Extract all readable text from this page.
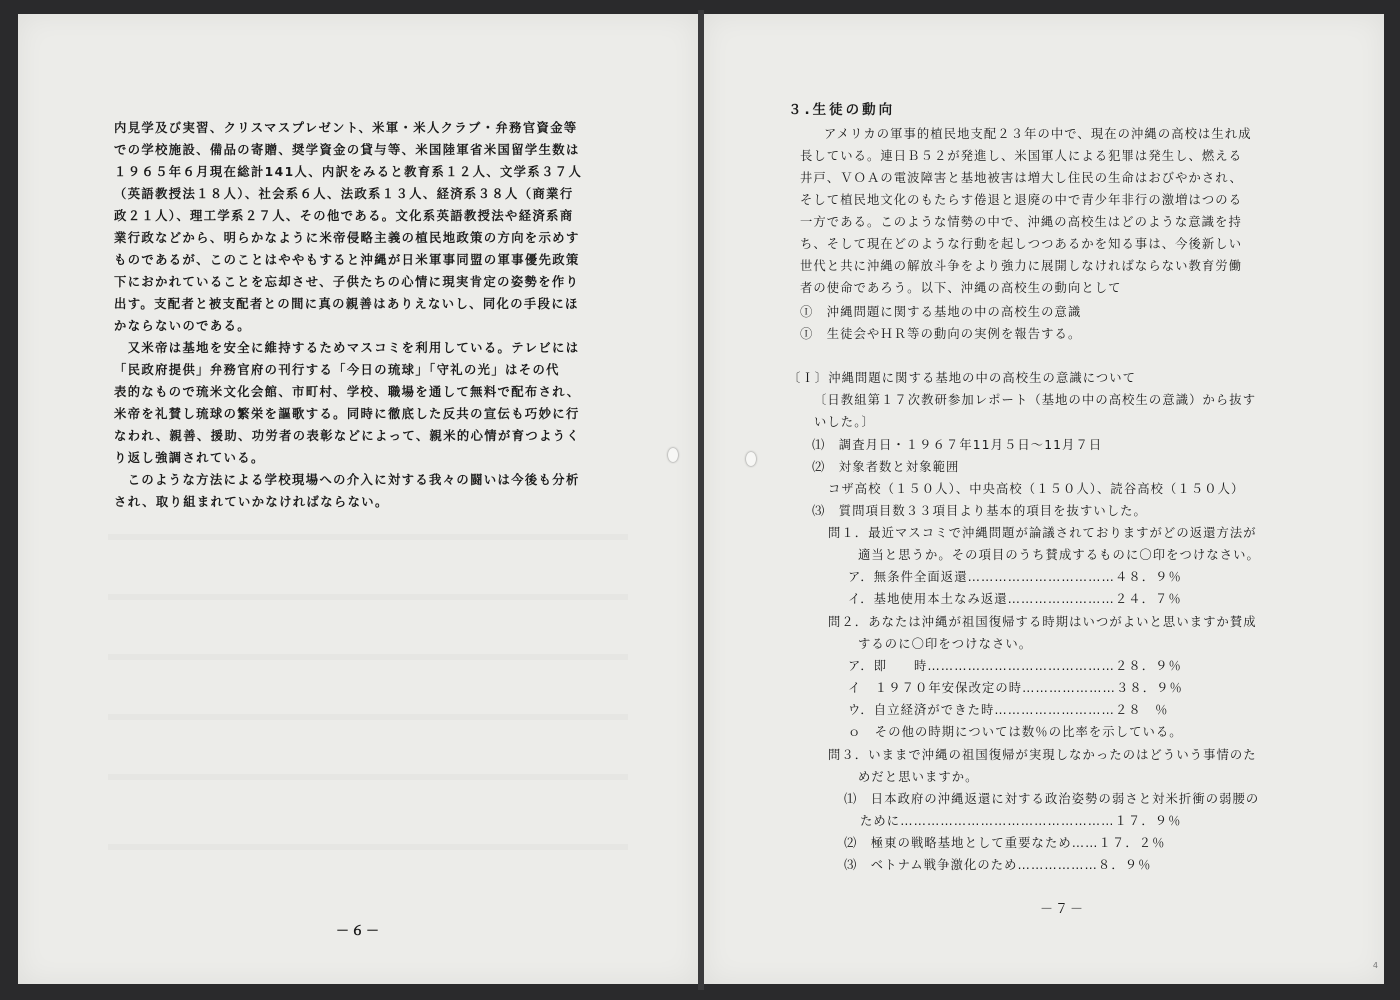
内見学及び実習、クリスマスプレゼント、米軍・米人クラブ・弁務官資金等
での学校施設、備品の寄贈、奨学資金の貸与等、米国陸軍省米国留学生数は
１９６５年６月現在総計141人、内訳をみると教育系１２人、文学系３７人
（英語教授法１８人）、社会系６人、法政系１３人、経済系３８人（商業行
政２１人）、理工学系２７人、その他である。文化系英語教授法や経済系商
業行政などから、明らかなように米帝侵略主義の植民地政策の方向を示めす
ものであるが、このことはややもすると沖縄が日米軍事同盟の軍事優先政策
下におかれていることを忘却させ、子供たちの心情に現実肯定の姿勢を作り
出す。支配者と被支配者との間に真の親善はありえないし、同化の手段にほ
かならないのである。
　又米帝は基地を安全に維持するためマスコミを利用している。テレビには
「民政府提供」弁務官府の刊行する「今日の琉球」「守礼の光」はその代
表的なもので琉米文化会館、市町村、学校、職場を通して無料で配布され、
米帝を礼賛し琉球の繁栄を謳歌する。同時に徹底した反共の宣伝も巧妙に行
なわれ、親善、援助、功労者の表彰などによって、親米的心情が育つようく
り返し強調されている。
　このような方法による学校現場への介入に対する我々の闘いは今後も分析
され、取り組まれていかなければならない。
－６－
３.生徒の動向
アメリカの軍事的植民地支配２３年の中で、現在の沖縄の高校は生れ成
長している。連日Ｂ５２が発進し、米国軍人による犯罪は発生し、燃える
井戸、ＶＯＡの電波障害と基地被害は増大し住民の生命はおびやかされ、
そして植民地文化のもたらす倦退と退廃の中で青少年非行の激増はつのる
一方である。このような情勢の中で、沖縄の高校生はどのような意識を持
ち、そして現在どのような行動を起しつつあるかを知る事は、今後新しい
世代と共に沖縄の解放斗争をより強力に展開しなければならない教育労働
者の使命であろう。以下、沖縄の高校生の動向として
Ⓘ　沖縄問題に関する基地の中の高校生の意識
Ⓘ　生徒会やＨＲ等の動向の実例を報告する。
〔Ｉ〕沖縄問題に関する基地の中の高校生の意識について
〔日教組第１７次教研参加レポート（基地の中の高校生の意識）から抜す
いした。〕
⑴　調査月日・１９６７年11月５日～11月７日
⑵　対象者数と対象範囲
コザ高校（１５０人）、中央高校（１５０人）、読谷高校（１５０人）
⑶　質問項目数３３項目より基本的項目を抜すいした。
問１．最近マスコミで沖縄問題が論議されておりますがどの返還方法が
適当と思うか。その項目のうち賛成するものに〇印をつけなさい。
ア．無条件全面返還……………………………４８．９％
イ．基地使用本土なみ返還……………………２４．７％
問２．あなたは沖縄が祖国復帰する時期はいつがよいと思いますか賛成
するのに〇印をつけなさい。
ア．即　　時……………………………………２８．９％
イ　１９７０年安保改定の時…………………３８．９％
ウ．自立経済ができた時………………………２８　％
ｏ　その他の時期については数％の比率を示している。
問３．いままで沖縄の祖国復帰が実現しなかったのはどういう事情のた
めだと思いますか。
⑴　日本政府の沖縄返還に対する政治姿勢の弱さと対米折衝の弱腰の
ために…………………………………………１７．９％
⑵　極東の戦略基地として重要なため……１７．２％
⑶　ベトナム戦争激化のため………………８．９％
－７－
4
